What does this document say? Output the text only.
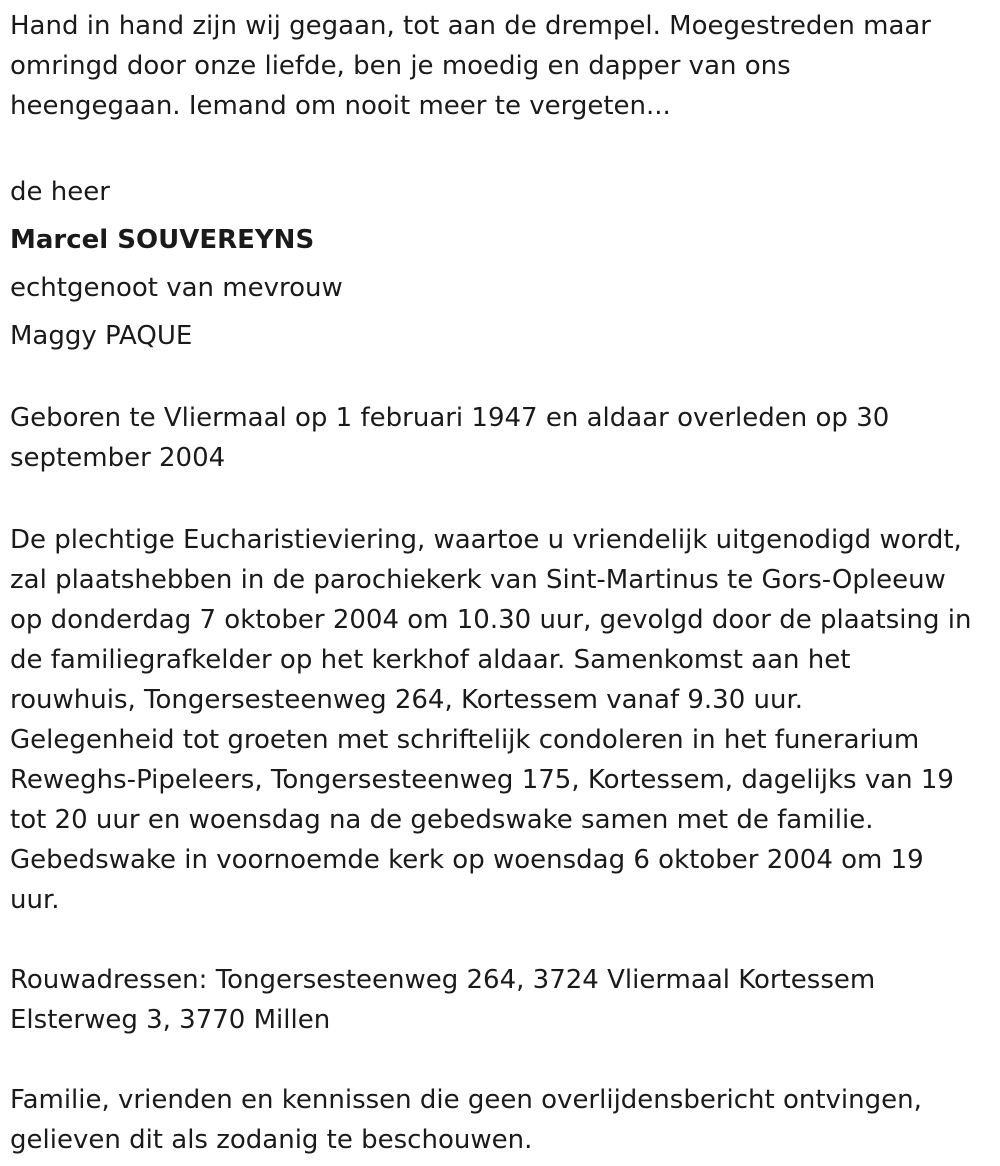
Hand in hand zijn wij gegaan, tot aan de drempel. Moegestreden maar
omringd door onze liefde, ben je moedig en dapper van ons
heengegaan. Iemand om nooit meer te vergeten...

de heer
Marcel SOUVEREYNS
echtgenoot van mevrouw
Maggy PAQUE

Geboren te Vliermaal op 1 februari 1947 en aldaar overleden op 30
september 2004

De plechtige Eucharistieviering, waartoe u vriendelijk uitgenodigd wordt,
zal plaatshebben in de parochiekerk van Sint-Martinus te Gors-Opleeuw
op donderdag 7 oktober 2004 om 10.30 uur, gevolgd door de plaatsing in
de familiegrafkelder op het kerkhof aldaar. Samenkomst aan het
rouwhuis, Tongersesteenweg 264, Kortessem vanaf 9.30 uur.
Gelegenheid tot groeten met schriftelijk condoleren in het funerarium
Reweghs-Pipeleers, Tongersesteenweg 175, Kortessem, dagelijks van 19
tot 20 uur en woensdag na de gebedswake samen met de familie.
Gebedswake in voornoemde kerk op woensdag 6 oktober 2004 om 19
uur.

Rouwadressen: Tongersesteenweg 264, 3724 Vliermaal Kortessem
Elsterweg 3, 3770 Millen

Familie, vrienden en kennissen die geen overlijdensbericht ontvingen,
gelieven dit als zodanig te beschouwen.
